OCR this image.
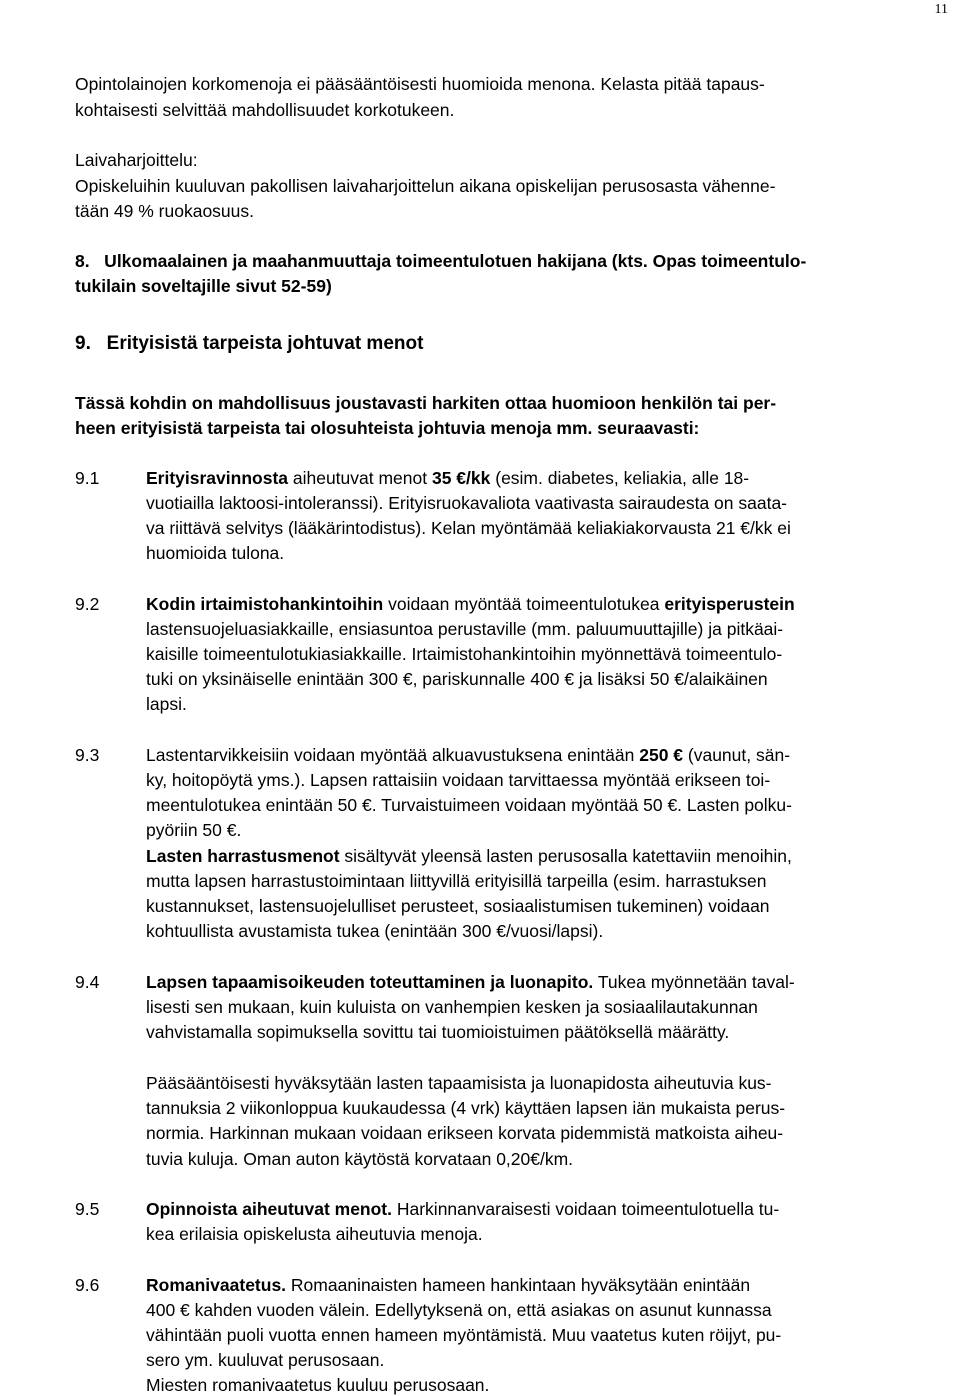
11
Opintolainojen korkomenoja ei pääsääntöisesti huomioida menona. Kelasta pitää tapaus-
kohtaisesti selvittää mahdollisuudet korkotukeen.
Laivaharjoittelu:
Opiskeluihin kuuluvan pakollisen laivaharjoittelun aikana opiskelijan perusosasta vähenne-
tään 49 % ruokaosuus.
8.   Ulkomaalainen ja maahanmuuttaja toimeentulotuen hakijana (kts. Opas toimeentulo-
tukilain soveltajille sivut 52-59)
9.   Erityisistä tarpeista johtuvat menot
Tässä kohdin on mahdollisuus joustavasti harkiten ottaa huomioon henkilön tai per-
heen erityisistä tarpeista tai olosuhteista johtuvia menoja mm. seuraavasti:
9.1	Erityisravinnosta aiheutuvat menot 35 €/kk (esim. diabetes, keliakia, alle 18-
vuotiailla laktoosi-intoleranssi). Erityisruokavaliota vaativasta sairaudesta on saata-
va riittävä selvitys (lääkärintodistus). Kelan myöntämää keliakiakorvausta 21 €/kk ei
huomioida tulona.
9.2	Kodin irtaimistohankintoihin voidaan myöntää toimeentulotukea erityisperustein
lastensuojeluasiakkaille, ensiasuntoa perustaville (mm. paluumuuttajille) ja pitkäai-
kaisille toimeentulotukiasiakkaille. Irtaimistohankintoihin myönnettävä toimeentulo-
tuki on yksinäiselle enintään 300 €, pariskunnalle 400 € ja lisäksi 50 €/alaikäinen
lapsi.
9.3	Lastentarvikkeisiin voidaan myöntää alkuavustuksena enintään 250 € (vaunut, sän-
ky, hoitopöytä yms.). Lapsen rattaisiin voidaan tarvittaessa myöntää erikseen toi-
meentulotukea enintään 50 €. Turvaistuimeen voidaan myöntää 50 €. Lasten polku-
pyöriin 50 €.
Lasten harrastusmenot sisältyvät yleensä lasten perusosalla katettaviin menoihin,
mutta lapsen harrastustoimintaan liittyvillä erityisillä tarpeilla (esim. harrastuksen
kustannukset, lastensuojelulliset perusteet, sosiaalistumisen tukeminen) voidaan
kohtuullista avustamista tukea (enintään 300 €/vuosi/lapsi).
9.4	Lapsen tapaamisoikeuden toteuttaminen ja luonapito. Tukea myönnetään taval-
lisesti sen mukaan, kuin kuluista on vanhempien kesken ja sosiaalilautakunnan
vahvistamalla sopimuksella sovittu tai tuomioistuimen päätöksellä määrätty.
Pääsääntöisesti hyväksytään lasten tapaamisista ja luonapidosta aiheutuvia kus-
tannuksia 2 viikonloppua kuukaudessa (4 vrk) käyttäen lapsen iän mukaista perus-
normia. Harkinnan mukaan voidaan erikseen korvata pidemmistä matkoista aiheu-
tuvia kuluja. Oman auton käytöstä korvataan 0,20€/km.
9.5	Opinnoista aiheutuvat menot. Harkinnanvaraisesti voidaan toimeentulotuella tu-
kea erilaisia opiskelusta aiheutuvia menoja.
9.6	Romanivaatetus. Romaaninaisten hameen hankintaan hyväksytään enintään
400 € kahden vuoden välein. Edellytyksenä on, että asiakas on asunut kunnassa
vähintään puoli vuotta ennen hameen myöntämistä. Muu vaatetus kuten röijyt, pu-
sero ym. kuuluvat perusosaan.
Miesten romanivaatetus kuuluu perusosaan.
